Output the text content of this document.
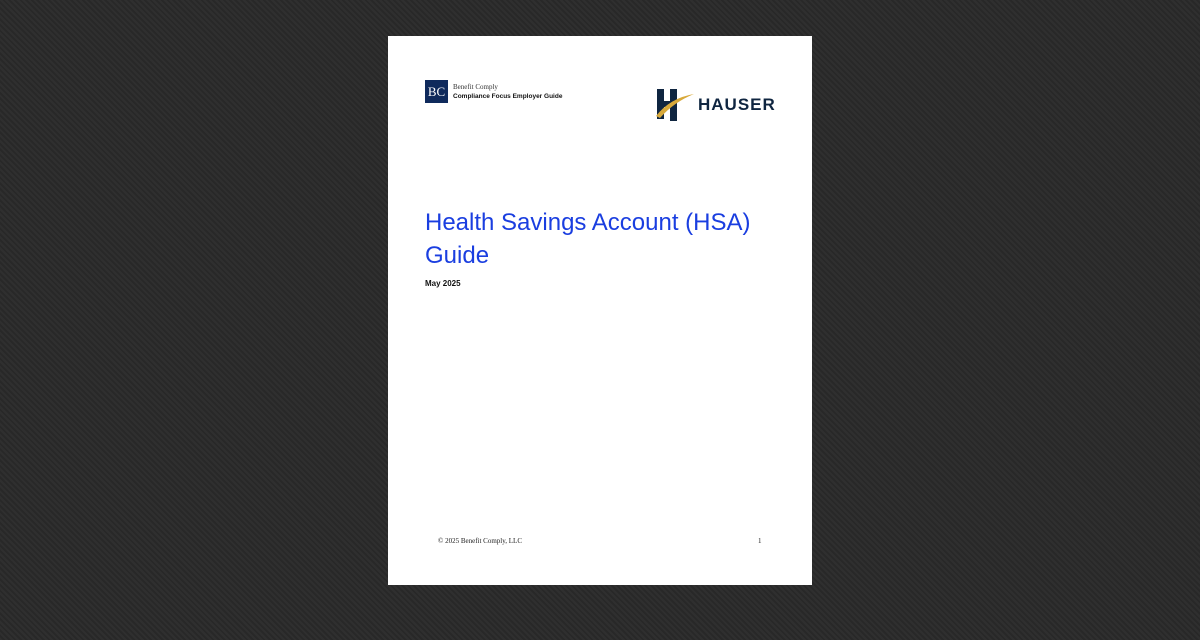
BC	Benefit Comply
Compliance Focus Employer Guide	HAUSER
Health Savings Account (HSA) Guide
May 2025
© 2025 Benefit Comply, LLC	1
